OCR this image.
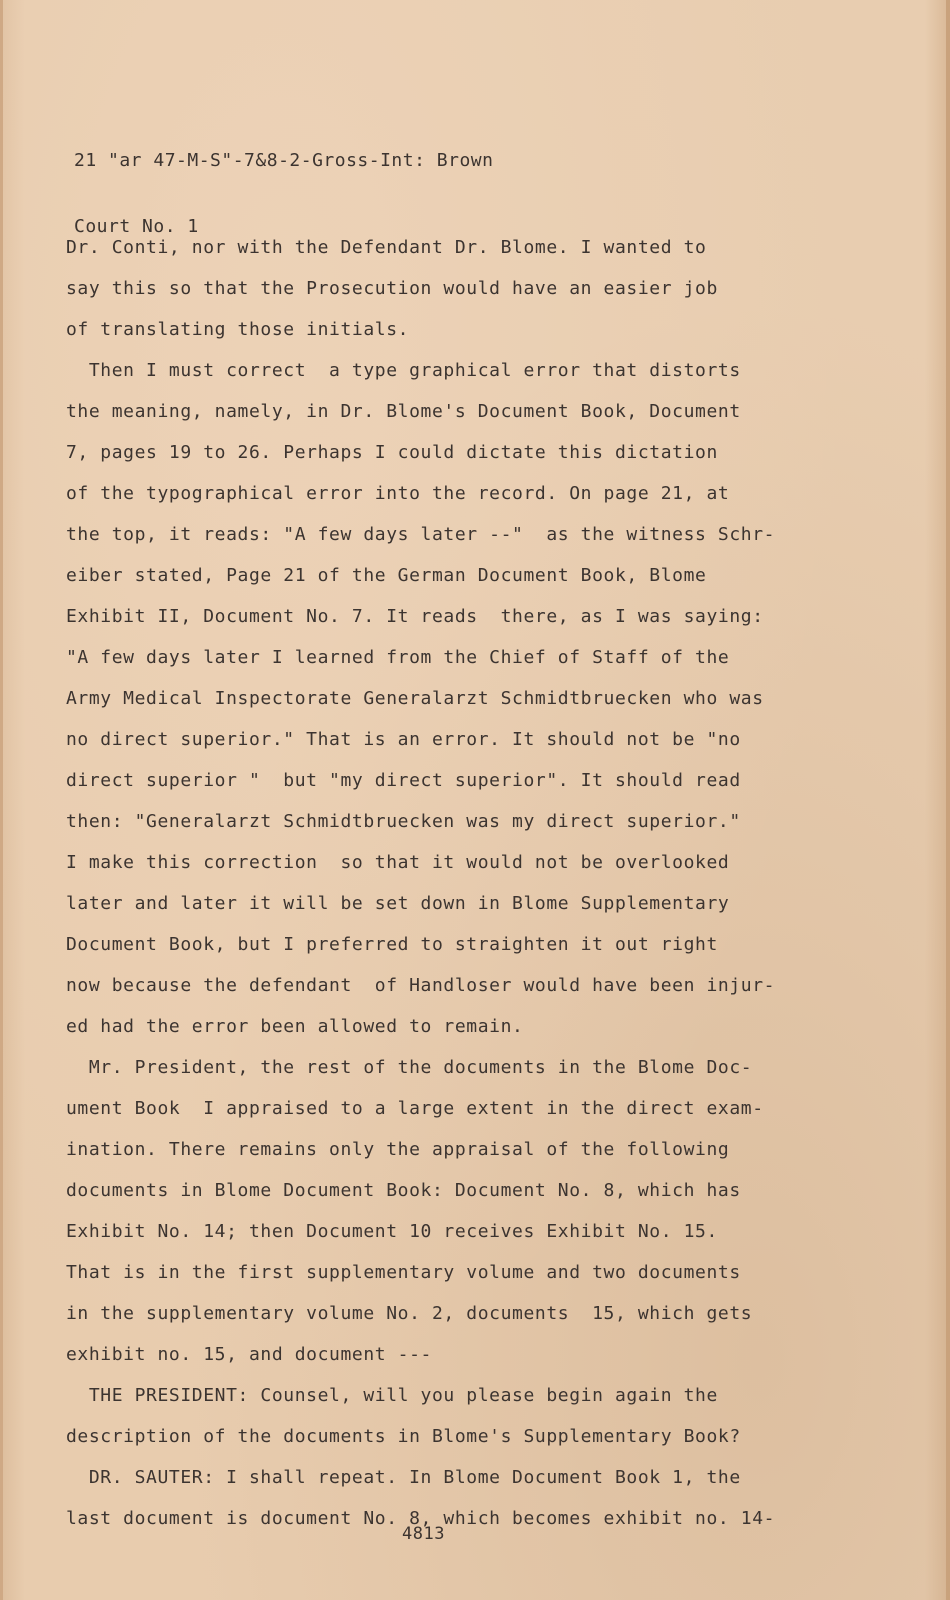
21 "ar 47-M-S"-7&8-2-Gross-Int: Brown

Court No. 1

Dr. Conti, nor with the Defendant Dr. Blome. I wanted to
say this so that the Prosecution would have an easier job
of translating those initials.
Then I must correct  a type graphical error that distorts
the meaning, namely, in Dr. Blome's Document Book, Document
7, pages 19 to 26. Perhaps I could dictate this dictation
of the typographical error into the record. On page 21, at
the top, it reads: "A few days later --"  as the witness Schr-
eiber stated, Page 21 of the German Document Book, Blome
Exhibit II, Document No. 7. It reads  there, as I was saying:
"A few days later I learned from the Chief of Staff of the
Army Medical Inspectorate Generalarzt Schmidtbruecken who was
no direct superior." That is an error. It should not be "no
direct superior "  but "my direct superior". It should read
then: "Generalarzt Schmidtbruecken was my direct superior."
I make this correction  so that it would not be overlooked
later and later it will be set down in Blome Supplementary
Document Book, but I preferred to straighten it out right
now because the defendant  of Handloser would have been injur-
ed had the error been allowed to remain.
Mr. President, the rest of the documents in the Blome Doc-
ument Book  I appraised to a large extent in the direct exam-
ination. There remains only the appraisal of the following
documents in Blome Document Book: Document No. 8, which has
Exhibit No. 14; then Document 10 receives Exhibit No. 15.
That is in the first supplementary volume and two documents
in the supplementary volume No. 2, documents  15, which gets
exhibit no. 15, and document ---
THE PRESIDENT: Counsel, will you please begin again the
description of the documents in Blome's Supplementary Book?
DR. SAUTER: I shall repeat. In Blome Document Book 1, the
last document is document No. 8, which becomes exhibit no. 14-
4813
